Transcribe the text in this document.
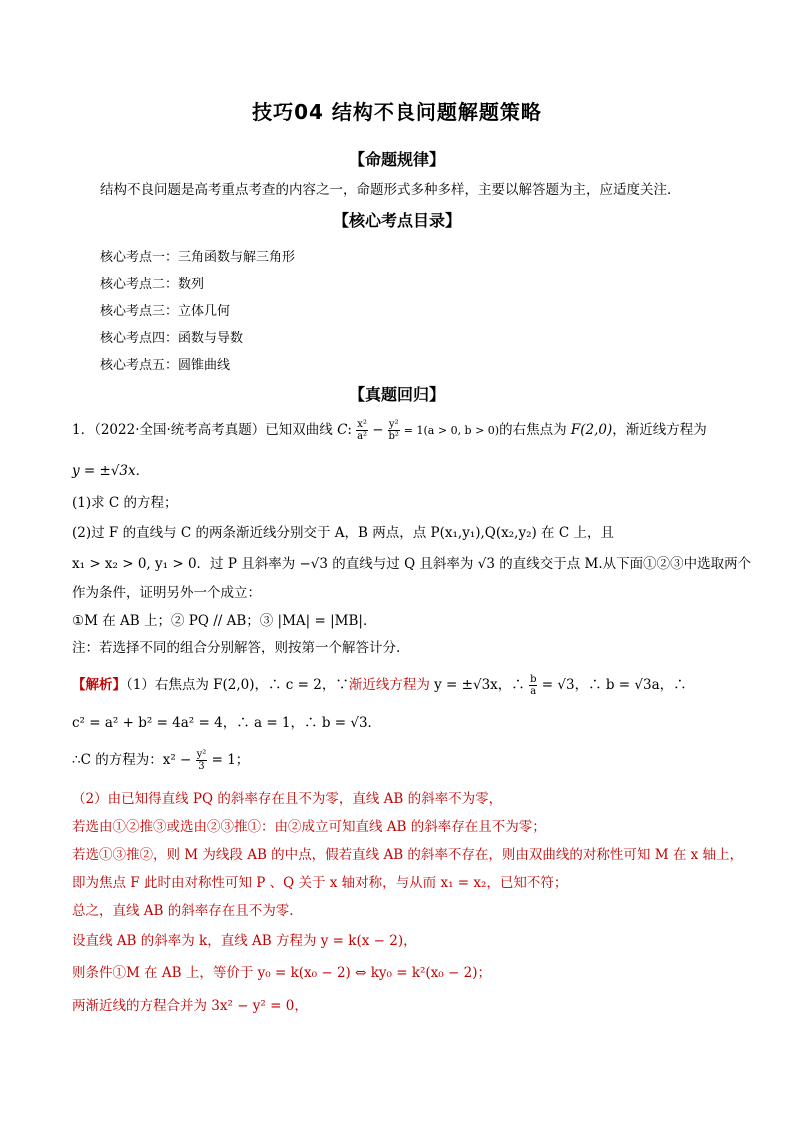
技巧04 结构不良问题解题策略
【命题规律】
结构不良问题是高考重点考查的内容之一，命题形式多种多样，主要以解答题为主，应适度关注．
【核心考点目录】
核心考点一：三角函数与解三角形
核心考点二：数列
核心考点三：立体几何
核心考点四：函数与导数
核心考点五：圆锥曲线
【真题回归】
1．（2022·全国·统考高考真题）已知双曲线 C: $\frac{\text{x²}}{\text{a²}} - \frac{\text{y²}}{\text{b²}} = 1(a > 0$, b > 0)的右焦点为 F(2,0)，渐近线方程为
y = ±√3x．
(1)求 C 的方程；
(2)过 F 的直线与 C 的两条渐近线分别交于 A，B 两点，点 P(x₁,y₁),Q(x₂,y₂) 在 C 上，且
x₁ > x₂ > 0, y₁ > 0．过 P 且斜率为 −√3 的直线与过 Q 且斜率为 √3 的直线交于点 M.从下面①②③中选取两个
作为条件，证明另外一个成立：
①M 在 AB 上；② PQ // AB；③ |MA| = |MB|．
注：若选择不同的组合分别解答，则按第一个解答计分.
【解析】（1）右焦点为 F(2,0)，∴ c = 2，∵渐近线方程为 y = ±√3x，∴ $\frac{b}{a} = √3$，∴ b = √3a，∴
c² = a² + b² = 4a² = 4，∴ a = 1，∴ b = √3．
∴C 的方程为：$x^2 - \frac{\text{y²}}{3} = 1$；
（2）由已知得直线 PQ 的斜率存在且不为零，直线 AB 的斜率不为零，
若选由①②推③或选由②③推①：由②成立可知直线 AB 的斜率存在且不为零；
若选①③推②，则 M 为线段 AB 的中点，假若直线 AB 的斜率不存在，则由双曲线的对称性可知 M 在 x 轴上，
即为焦点 F 此时由对称性可知 P 、Q 关于 x 轴对称，与从而 x₁ = x₂，已知不符；
总之，直线 AB 的斜率存在且不为零.
设直线 AB 的斜率为 k，直线 AB 方程为 y = k(x − 2)，
则条件①M 在 AB 上，等价于 y₀ = k(x₀ − 2) ⇔ ky₀ = k²(x₀ − 2)；
两渐近线的方程合并为 3x² − y² = 0，
